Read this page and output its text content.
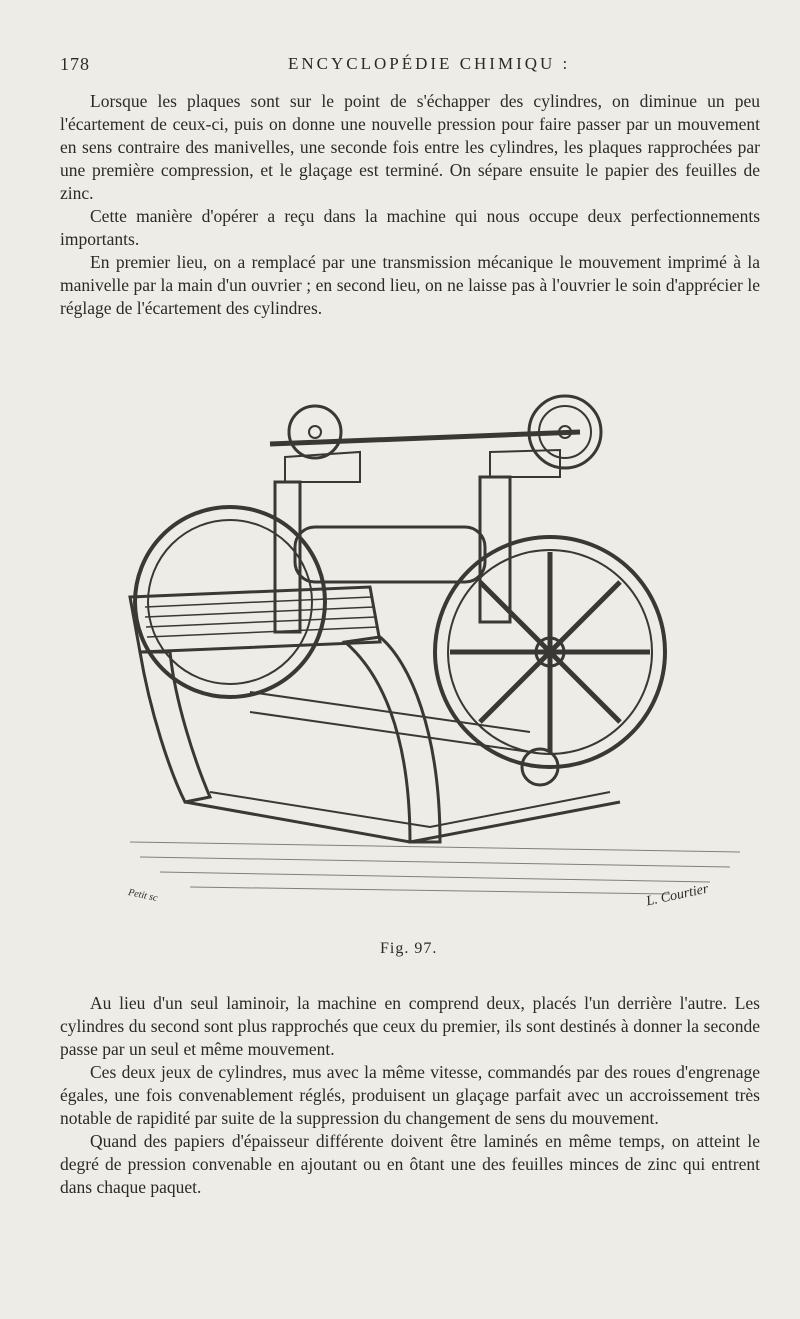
178	ENCYCLOPÉDIE CHIMIQU :

Lorsque les plaques sont sur le point de s'échapper des cylindres, on diminue un peu l'écartement de ceux-ci, puis on donne une nouvelle pression pour faire passer par un mouvement en sens contraire des manivelles, une seconde fois entre les cylindres, les plaques rapprochées par une première compression, et le glaçage est terminé. On sépare ensuite le papier des feuilles de zinc.

Cette manière d'opérer a reçu dans la machine qui nous occupe deux perfectionnements importants.

En premier lieu, on a remplacé par une transmission mécanique le mouvement imprimé à la manivelle par la main d'un ouvrier ; en second lieu, on ne laisse pas à l'ouvrier le soin d'apprécier le réglage de l'écartement des cylindres.

Petit sc	L. Courtier
Fig. 97.

Au lieu d'un seul laminoir, la machine en comprend deux, placés l'un derrière l'autre. Les cylindres du second sont plus rapprochés que ceux du premier, ils sont destinés à donner la seconde passe par un seul et même mouvement.

Ces deux jeux de cylindres, mus avec la même vitesse, commandés par des roues d'engrenage égales, une fois convenablement réglés, produisent un glaçage parfait avec un accroissement très notable de rapidité par suite de la suppression du changement de sens du mouvement.

Quand des papiers d'épaisseur différente doivent être laminés en même temps, on atteint le degré de pression convenable en ajoutant ou en ôtant une des feuilles minces de zinc qui entrent dans chaque paquet.
